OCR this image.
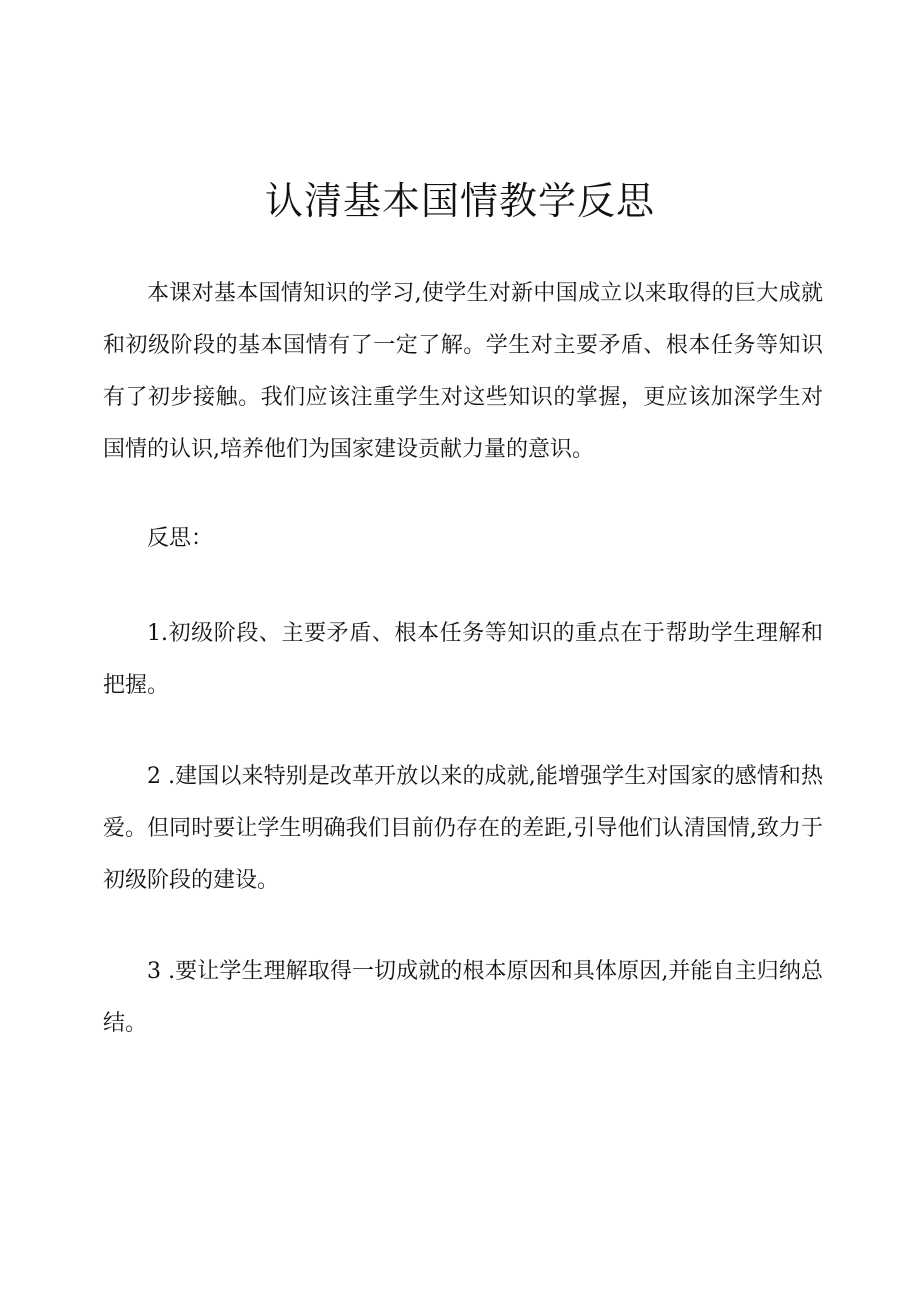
认清基本国情教学反思

本课对基本国情知识的学习,使学生对新中国成立以来取得的巨大成就和初级阶段的基本国情有了一定了解。学生对主要矛盾、根本任务等知识有了初步接触。我们应该注重学生对这些知识的掌握，更应该加深学生对国情的认识,培养他们为国家建设贡献力量的意识。

反思：

1.初级阶段、主要矛盾、根本任务等知识的重点在于帮助学生理解和把握。

2 .建国以来特别是改革开放以来的成就,能增强学生对国家的感情和热爱。但同时要让学生明确我们目前仍存在的差距,引导他们认清国情,致力于初级阶段的建设。

3 .要让学生理解取得一切成就的根本原因和具体原因,并能自主归纳总结。
